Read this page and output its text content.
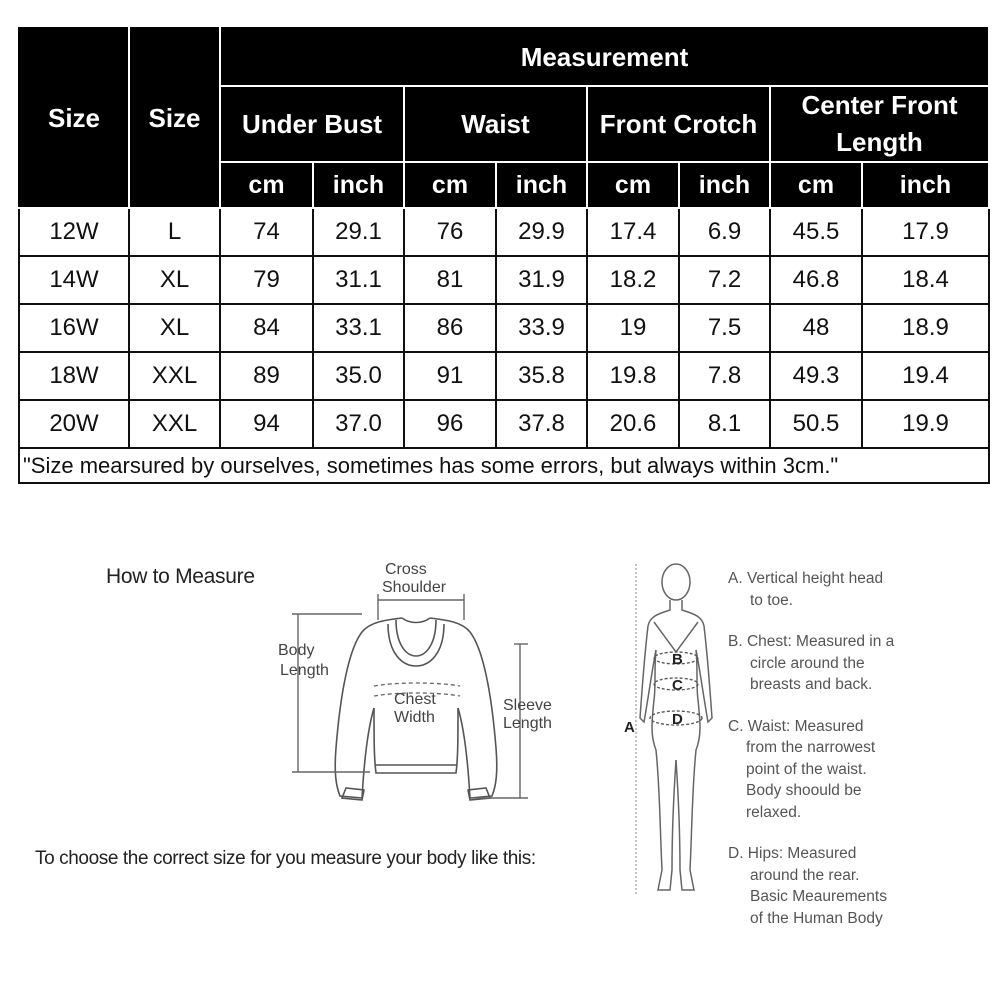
Size	Size	Measurement							
		Under Bust		Waist		Front Crotch		Center Front
Length	
		cm	inch	cm	inch	cm	inch	cm	inch
12W	L	74	29.1	76	29.9	17.4	6.9	45.5	17.9
14W	XL	79	31.1	81	31.9	18.2	7.2	46.8	18.4
16W	XL	84	33.1	86	33.9	19	7.5	48	18.9
18W	XXL	89	35.0	91	35.8	19.8	7.8	49.3	19.4
20W	XXL	94	37.0	96	37.8	20.6	8.1	50.5	19.9
"Size mearsured by ourselves, sometimes has some errors, but always within 3cm."									
How to Measure	Cross
Shoulder
Body
Length
Chest
Width
Sleeve
Length
To choose the correct size for you measure your body like this:
A
B
C
D
A. Vertical height head
to toe.
B. Chest: Measured in a
circle around the
breasts and back.
C. Waist: Measured
from the narrowest
point of the waist.
Body shoould be
relaxed.
D. Hips: Measured
around the rear.
Basic Meaurements
of the Human Body
